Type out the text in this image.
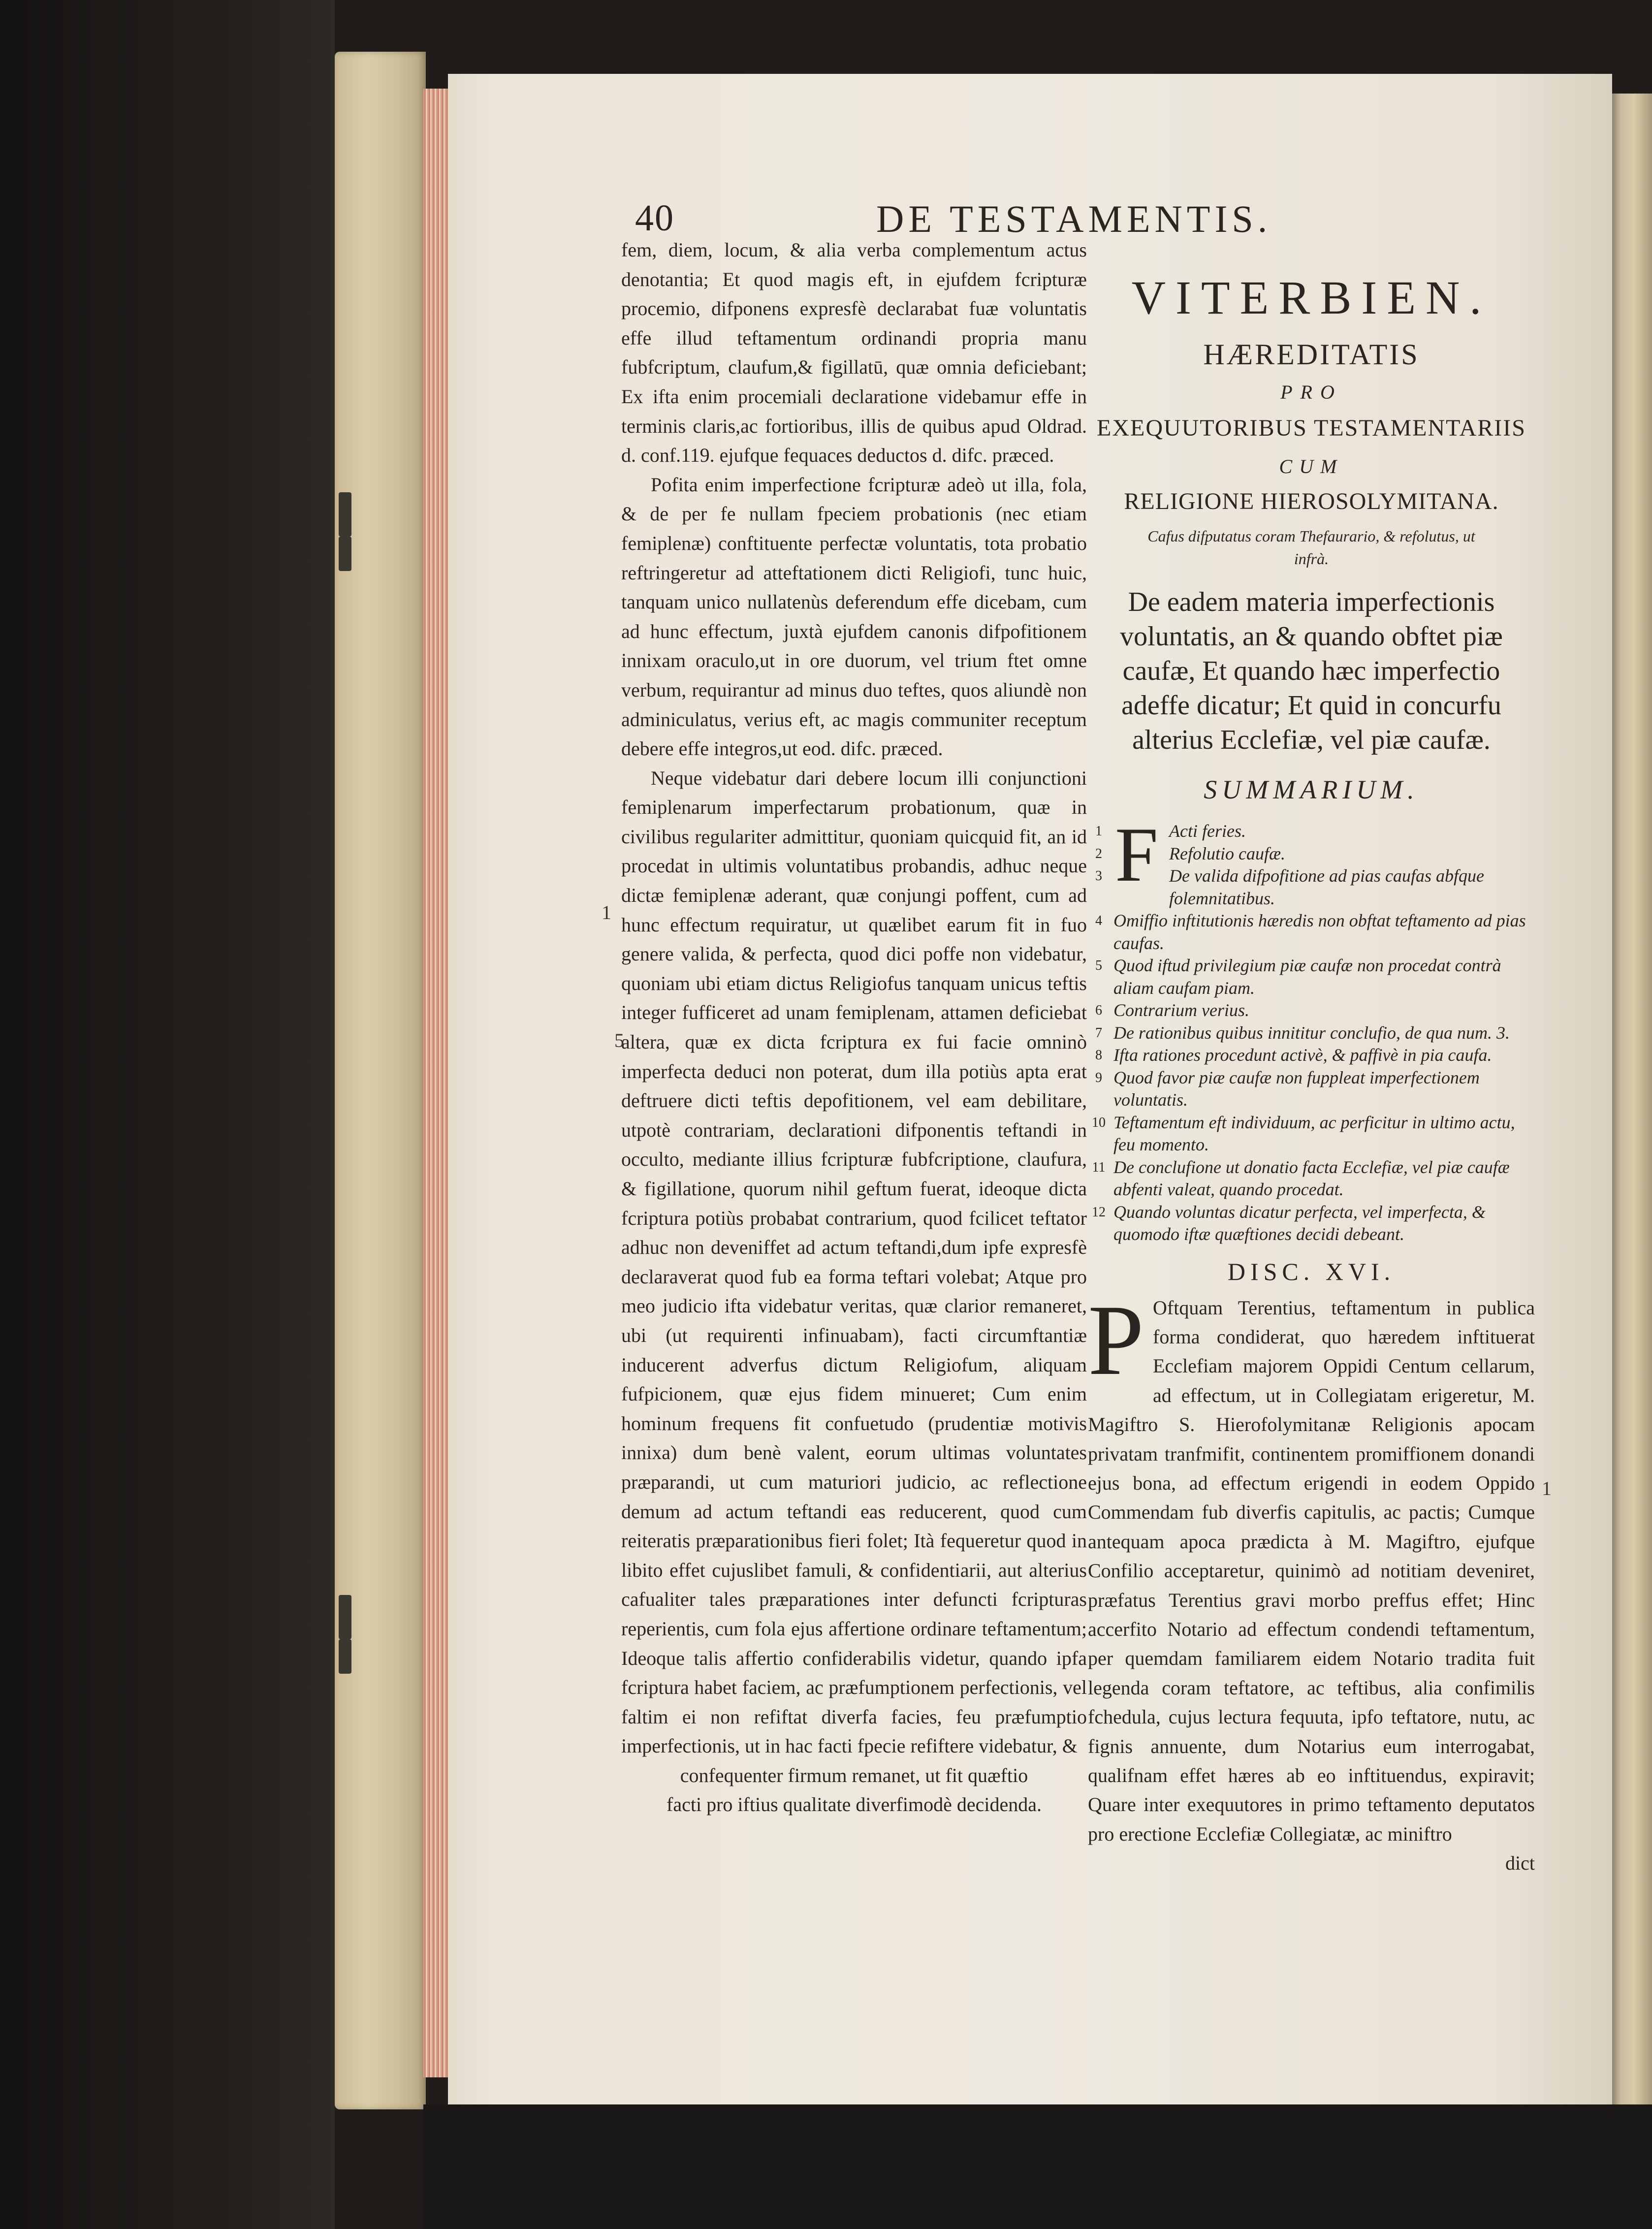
40	DE TESTAMENTIS.

fem, diem, locum, & alia verba complementum actus denotantia; Et quod magis eft, in ejufdem fcripturæ procemio, difponens expresfè declarabat fuæ voluntatis effe illud teftamentum ordinandi propria manu fubfcriptum, claufum,& figillatū, quæ omnia deficiebant; Ex ifta enim procemiali declaratione videbamur effe in terminis claris,ac fortioribus, illis de quibus apud Oldrad. d. conf.119. ejufque fequaces deductos d. difc. præced.

Pofita enim imperfectione fcripturæ adeò ut illa, fola, & de per fe nullam fpeciem probationis (nec etiam femiplenæ) conftituente perfectæ voluntatis, tota probatio reftringeretur ad atteftationem dicti Religiofi, tunc huic, tanquam unico nullatenùs deferendum effe dicebam, cum ad hunc effectum, juxtà ejufdem canonis difpofitionem innixam oraculo,ut in ore duorum, vel trium ftet omne verbum, requirantur ad minus duo teftes, quos aliundè non adminiculatus, verius eft, ac magis communiter receptum debere effe integros,ut eod. difc. præced.

Neque videbatur dari debere locum illi conjunctioni femiplenarum imperfectarum probationum, quæ in civilibus regulariter admittitur, quoniam quicquid fit, an id procedat in ultimis voluntatibus probandis, adhuc neque dictæ femiplenæ aderant, quæ conjungi poffent, cum ad hunc effectum requiratur, ut quælibet earum fit in fuo genere valida, & perfecta, quod dici poffe non videbatur, quoniam ubi etiam dictus Religiofus tanquam unicus teftis integer fufficeret ad unam femiplenam, attamen deficiebat altera, quæ ex dicta fcriptura ex fui facie omninò imperfecta deduci non poterat, dum illa potiùs apta erat deftruere dicti teftis depofitionem, vel eam debilitare, utpotè contrariam, declarationi difponentis teftandi in occulto, mediante illius fcripturæ fubfcriptione, claufura, & figillatione, quorum nihil geftum fuerat, ideoque dicta fcriptura potiùs probabat contrarium, quod fcilicet teftator adhuc non deveniffet ad actum teftandi,dum ipfe expresfè declaraverat quod fub ea forma teftari volebat; Atque pro meo judicio ifta videbatur veritas, quæ clarior remaneret, ubi (ut requirenti infinuabam), facti circumftantiæ inducerent adverfus dictum Religiofum, aliquam fufpicionem, quæ ejus fidem minueret; Cum enim hominum frequens fit confuetudo (prudentiæ motivis innixa) dum benè valent, eorum ultimas voluntates præparandi, ut cum maturiori judicio, ac reflectione demum ad actum teftandi eas reducerent, quod cum reiteratis præparationibus fieri folet; Ità fequeretur quod in libito effet cujuslibet famuli, & confidentiarii, aut alterius cafualiter tales præparationes inter defuncti fcripturas reperientis, cum fola ejus affertione ordinare teftamentum; Ideoque talis affertio confiderabilis videtur, quando ipfa fcriptura habet faciem, ac præfumptionem perfectionis, vel faltim ei non refiftat diverfa facies, feu præfumptio imperfectionis, ut in hac facti fpecie refiftere videbatur, &

confequenter firmum remanet, ut fit quæftio

facti pro iftius qualitate diverfimodè decidenda.

1
5
VITERBIEN.
HÆREDITATIS
PRO
EXEQUUTORIBUS TESTAMENTARIIS
CUM
RELIGIONE HIEROSOLYMITANA.
Cafus difputatus coram Thefaurario, & refolutus, ut infrà.
De eadem materia imperfectionis voluntatis, an & quando obftet piæ caufæ, Et quando hæc imperfectio adeffe dicatur; Et quid in concurfu alterius Ecclefiæ, vel piæ caufæ.
SUMMARIUM.
F
1	Acti feries.
2	Refolutio caufæ.
3	De valida difpofitione ad pias caufas abfque folemnitatibus.
4 Omiffio inftitutionis hæredis non obftat teftamento ad pias caufas.
5 Quod iftud privilegium piæ caufæ non procedat contrà aliam caufam piam.
6 Contrarium verius.
7 De rationibus quibus innititur conclufio, de qua num. 3.
8 Ifta rationes procedunt activè, & paffivè in pia caufa.
9 Quod favor piæ caufæ non fuppleat imperfectionem voluntatis.
10 Teftamentum eft individuum, ac perficitur in ultimo actu, feu momento.
11 De conclufione ut donatio facta Ecclefiæ, vel piæ caufæ abfenti valeat, quando procedat.
12 Quando voluntas dicatur perfecta, vel imperfecta, & quomodo iftæ quæftiones decidi debeant.
DISC. XVI.
P Oftquam Terentius, teftamentum in publica forma condiderat, quo hæredem inftituerat Ecclefiam majorem Oppidi Centum cellarum, ad effectum, ut in Collegiatam erigeretur, M. Magiftro S. Hierofolymitanæ Religionis apocam privatam tranfmifit, continentem promiffionem donandi ejus bona, ad effectum erigendi in eodem Oppido Commendam fub diverfis capitulis, ac pactis; Cumque antequam apoca prædicta à M. Magiftro, ejufque Confilio acceptaretur, quinimò ad notitiam deveniret, præfatus Terentius gravi morbo preffus effet; Hinc accerfito Notario ad effectum condendi teftamentum, per quemdam familiarem eidem Notario tradita fuit legenda coram teftatore, ac teftibus, alia confimilis fchedula, cujus lectura fequuta, ipfo teftatore, nutu, ac fignis annuente, dum Notarius eum interrogabat, qualifnam effet hæres ab eo inftituendus, expiravit; Quare inter exequutores in primo teftamento deputatos pro erectione Ecclefiæ Collegiatæ, ac miniftro
dict
1
